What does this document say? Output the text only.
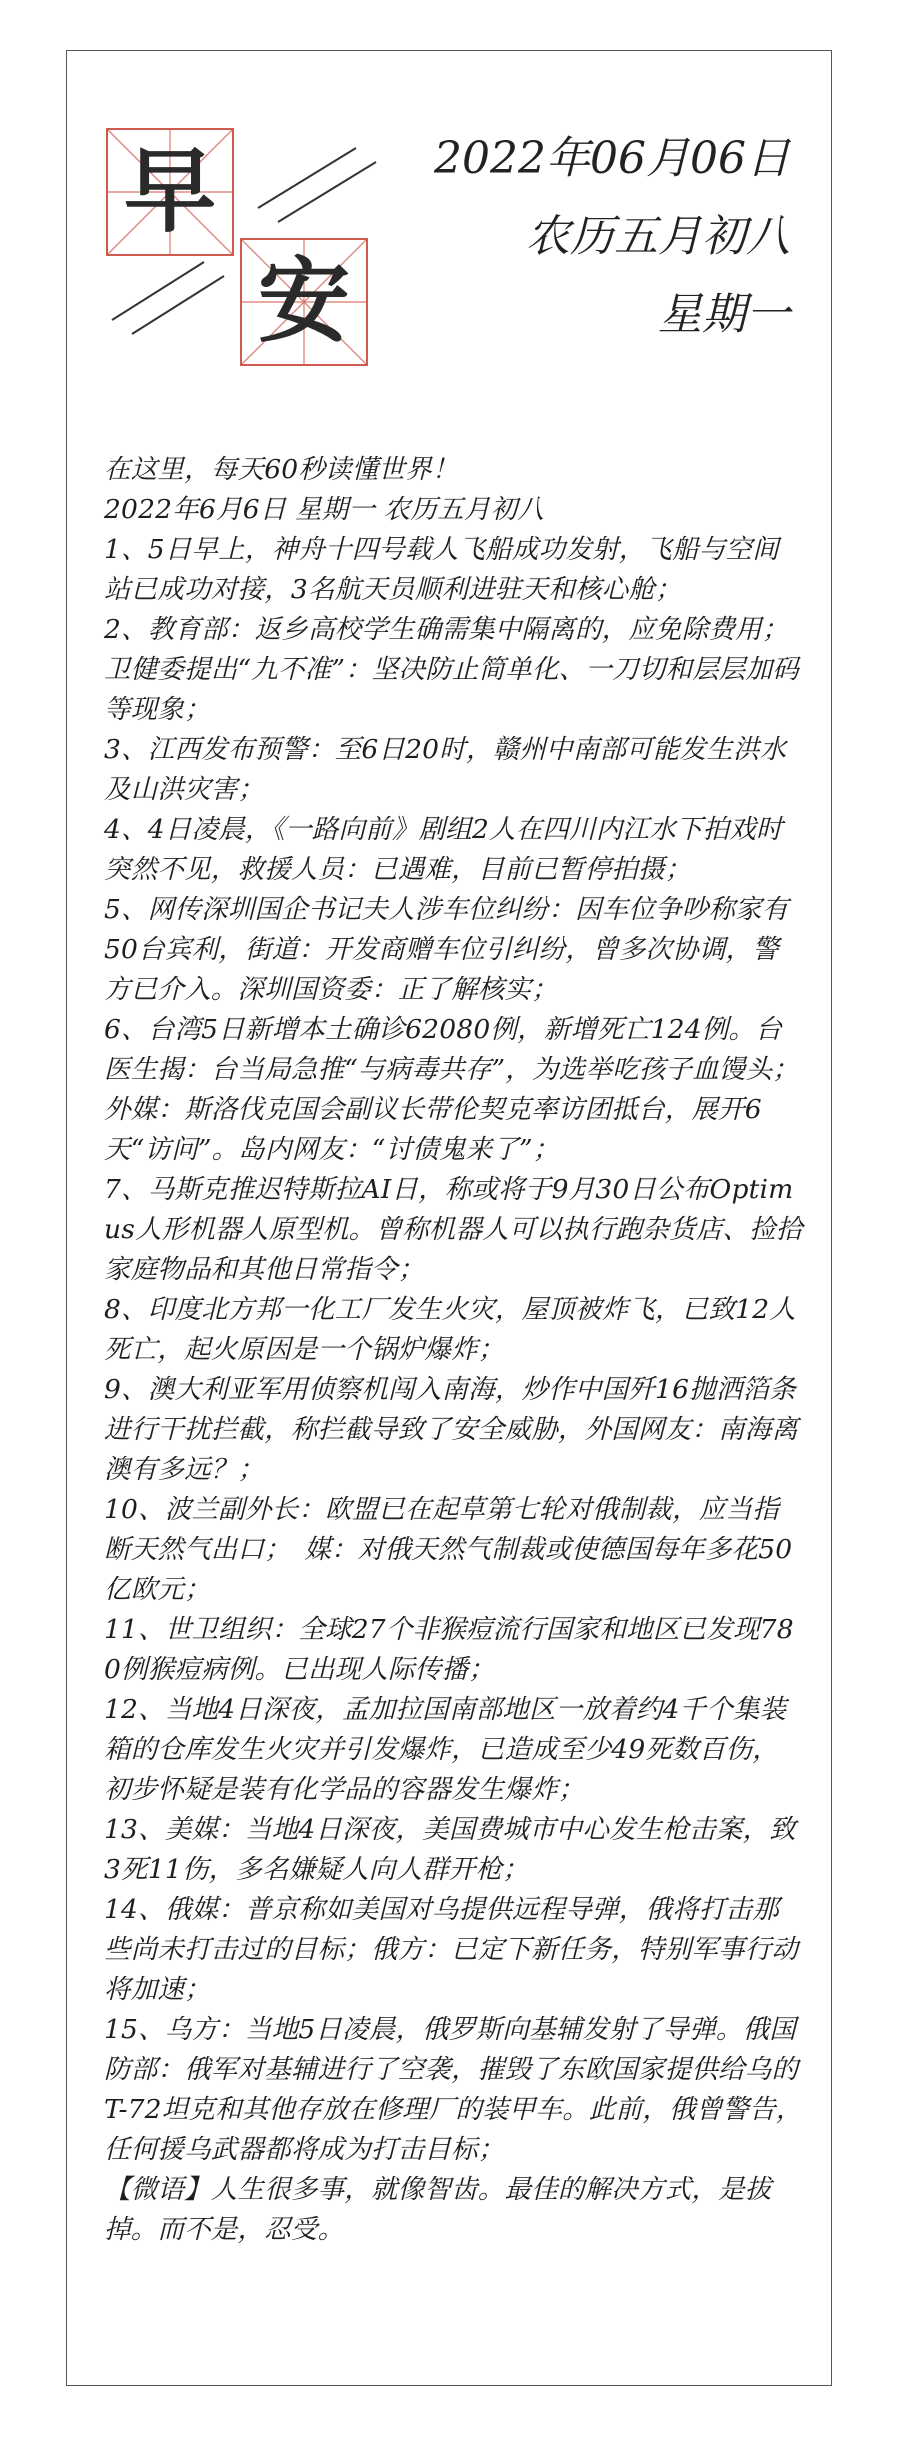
早
安
2022年06月06日
农历五月初八
星期一

在这里，每天60秒读懂世界！

2022年6月6日 星期一 农历五月初八

1、5日早上，神舟十四号载人飞船成功发射，飞船与空间站已成功对接，3名航天员顺利进驻天和核心舱；

2、教育部：返乡高校学生确需集中隔离的，应免除费用；卫健委提出“九不准”：坚决防止简单化、一刀切和层层加码等现象；

3、江西发布预警：至6日20时，赣州中南部可能发生洪水及山洪灾害；

4、4日凌晨，《一路向前》剧组2人在四川内江水下拍戏时突然不见，救援人员：已遇难，目前已暂停拍摄；

5、网传深圳国企书记夫人涉车位纠纷：因车位争吵称家有50台宾利，街道：开发商赠车位引纠纷，曾多次协调，警方已介入。深圳国资委：正了解核实；

6、台湾5日新增本土确诊62080例，新增死亡124例。台医生揭：台当局急推“与病毒共存”，为选举吃孩子血馒头；外媒：斯洛伐克国会副议长带伦契克率访团抵台，展开6天“访问”。岛内网友：“讨债鬼来了”；

7、马斯克推迟特斯拉AI日，称或将于9月30日公布Optimus人形机器人原型机。曾称机器人可以执行跑杂货店、捡拾家庭物品和其他日常指令；

8、印度北方邦一化工厂发生火灾，屋顶被炸飞，已致12人死亡，起火原因是一个锅炉爆炸；

9、澳大利亚军用侦察机闯入南海，炒作中国歼16抛洒箔条进行干扰拦截，称拦截导致了安全威胁，外国网友：南海离澳有多远？；

10、波兰副外长：欧盟已在起草第七轮对俄制裁，应当指断天然气出口；　媒：对俄天然气制裁或使德国每年多花50亿欧元；

11、世卫组织：全球27个非猴痘流行国家和地区已发现780例猴痘病例。已出现人际传播；

12、当地4日深夜，孟加拉国南部地区一放着约4千个集装箱的仓库发生火灾并引发爆炸，已造成至少49死数百伤，初步怀疑是装有化学品的容器发生爆炸；

13、美媒：当地4日深夜，美国费城市中心发生枪击案，致3死11伤，多名嫌疑人向人群开枪；

14、俄媒：普京称如美国对乌提供远程导弹，俄将打击那些尚未打击过的目标；俄方：已定下新任务，特别军事行动将加速；

15、乌方：当地5日凌晨，俄罗斯向基辅发射了导弹。俄国防部：俄军对基辅进行了空袭，摧毁了东欧国家提供给乌的T-72坦克和其他存放在修理厂的装甲车。此前，俄曾警告，任何援乌武器都将成为打击目标；

【微语】人生很多事，就像智齿。最佳的解决方式，是拔掉。而不是，忍受。
